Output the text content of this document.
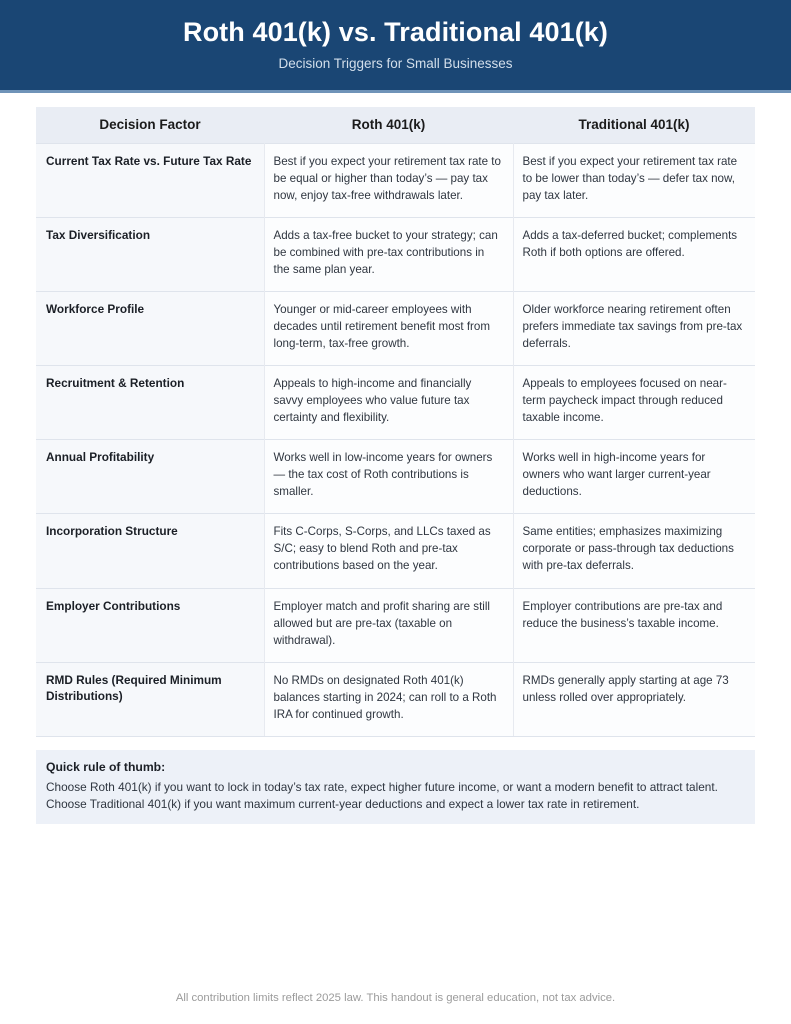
Roth 401(k) vs. Traditional 401(k)
Decision Triggers for Small Businesses
Decision Factor	Roth 401(k)	Traditional 401(k)
Current Tax Rate vs. Future Tax Rate	Best if you expect your retirement tax rate to be equal or higher than today’s — pay tax now, enjoy tax-free withdrawals later.	Best if you expect your retirement tax rate to be lower than today’s — defer tax now, pay tax later.
Tax Diversification	Adds a tax-free bucket to your strategy; can be combined with pre-tax contributions in the same plan year.	Adds a tax-deferred bucket; complements Roth if both options are offered.
Workforce Profile	Younger or mid-career employees with decades until retirement benefit most from long-term, tax-free growth.	Older workforce nearing retirement often prefers immediate tax savings from pre-tax deferrals.
Recruitment & Retention	Appeals to high-income and financially savvy employees who value future tax certainty and flexibility.	Appeals to employees focused on near-term paycheck impact through reduced taxable income.
Annual Profitability	Works well in low-income years for owners — the tax cost of Roth contributions is smaller.	Works well in high-income years for owners who want larger current-year deductions.
Incorporation Structure	Fits C-Corps, S-Corps, and LLCs taxed as S/C; easy to blend Roth and pre-tax contributions based on the year.	Same entities; emphasizes maximizing corporate or pass-through tax deductions with pre-tax deferrals.
Employer Contributions	Employer match and profit sharing are still allowed but are pre-tax (taxable on withdrawal).	Employer contributions are pre-tax and reduce the business’s taxable income.
RMD Rules (Required Minimum Distributions)	No RMDs on designated Roth 401(k) balances starting in 2024; can roll to a Roth IRA for continued growth.	RMDs generally apply starting at age 73 unless rolled over appropriately.
Quick rule of thumb:
Choose Roth 401(k) if you want to lock in today’s tax rate, expect higher future income, or want a modern benefit to attract talent. Choose Traditional 401(k) if you want maximum current-year deductions and expect a lower tax rate in retirement.
All contribution limits reflect 2025 law. This handout is general education, not tax advice.
